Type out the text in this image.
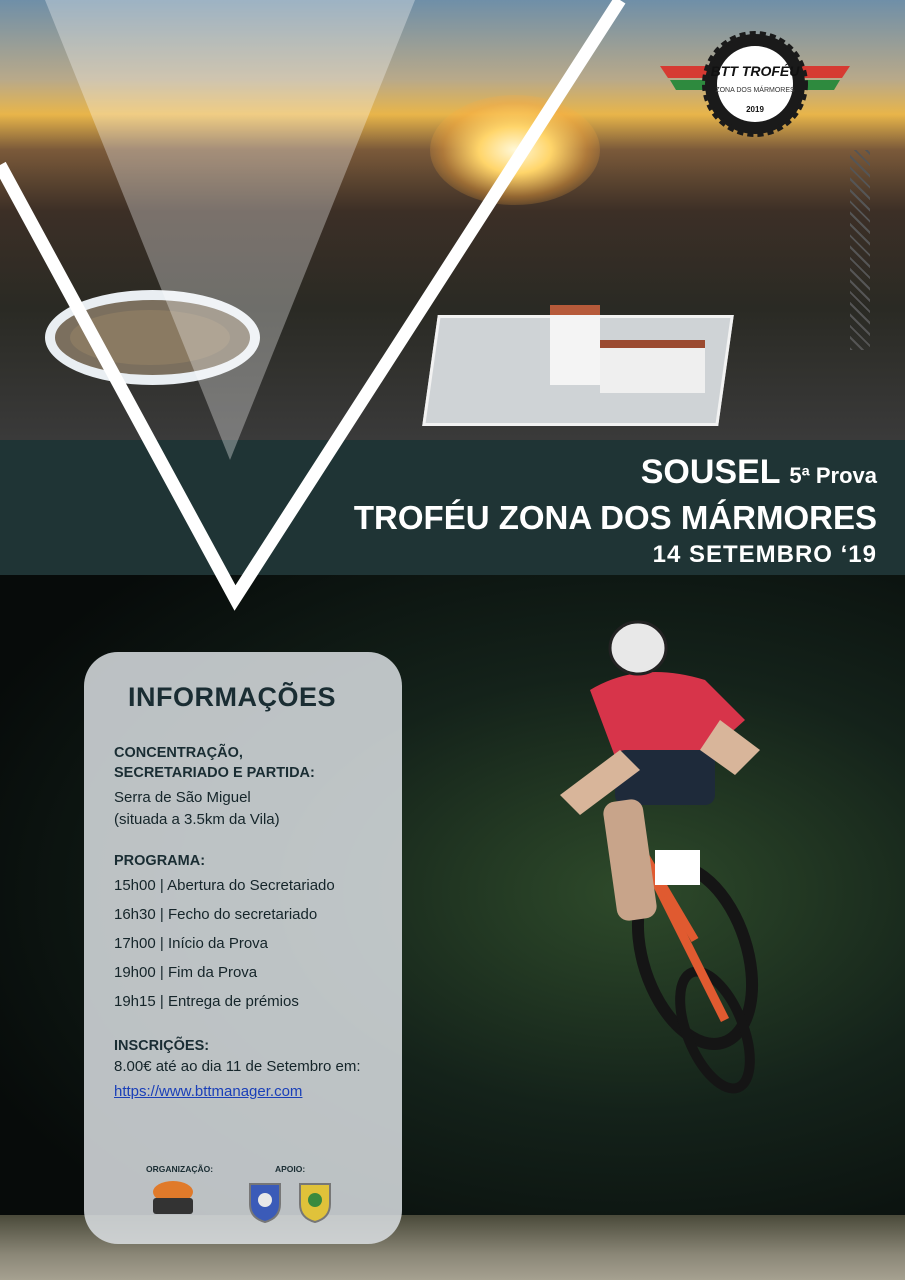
BTT TROFÉU
ZONA DOS MÁRMORES
2019
SOUSEL 5ª Prova
TROFÉU ZONA DOS MÁRMORES
14 SETEMBRO ‘19
INFORMAÇÕES
CONCENTRAÇÃO,
SECRETARIADO E PARTIDA:
Serra de São Miguel
(situada a 3.5km da Vila)
PROGRAMA:
15h00 | Abertura do Secretariado
16h30 | Fecho do secretariado
17h00 | Início da Prova
19h00 | Fim da Prova
19h15 | Entrega de prémios
INSCRIÇÕES:
8.00€ até ao dia 11 de Setembro em:
https://www.bttmanager.com
ORGANIZAÇÃO:	APOIO:
